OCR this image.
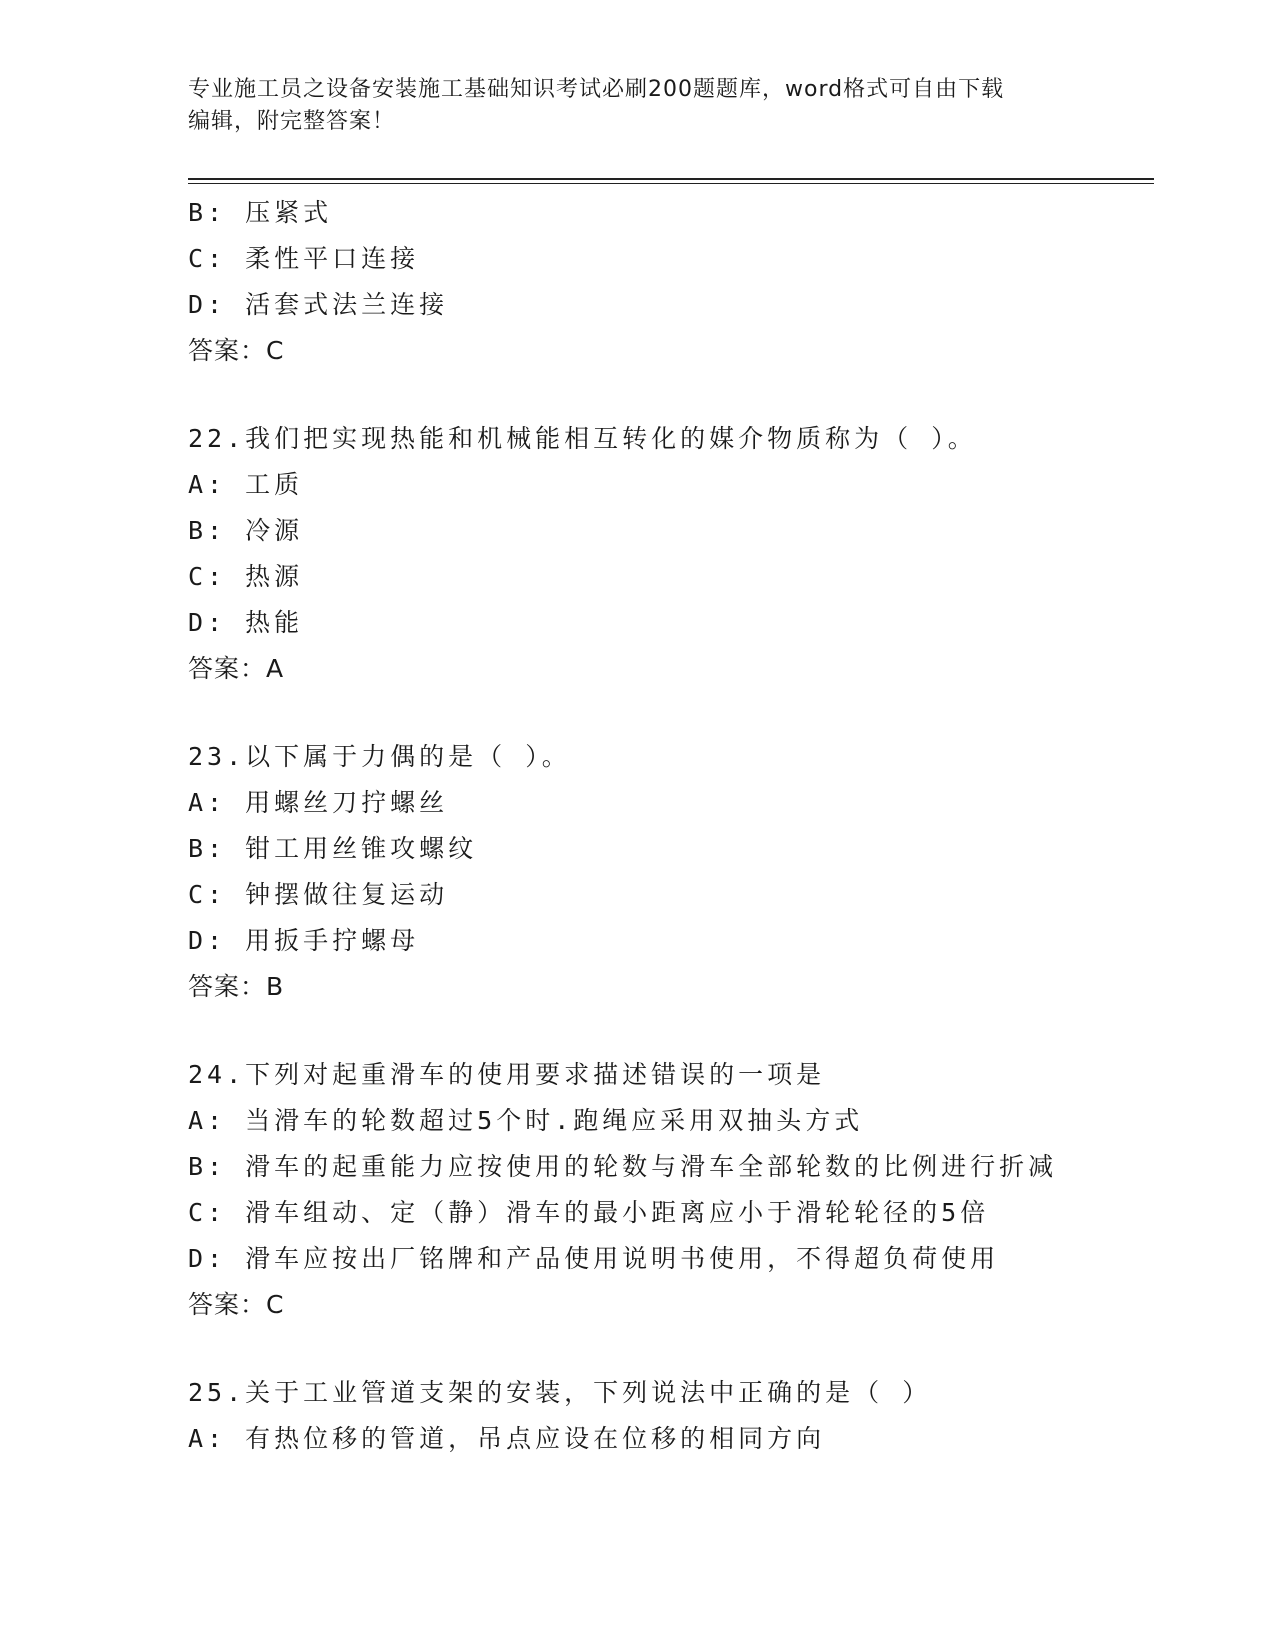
专业施工员之设备安装施工基础知识考试必刷200题题库，word格式可自由下载
编辑，附完整答案！
B: 压紧式
C: 柔性平口连接
D: 活套式法兰连接
答案：C
22.我们把实现热能和机械能相互转化的媒介物质称为（ ）。
A: 工质
B: 冷源
C: 热源
D: 热能
答案：A
23.以下属于力偶的是（ ）。
A: 用螺丝刀拧螺丝
B: 钳工用丝锥攻螺纹
C: 钟摆做往复运动
D: 用扳手拧螺母
答案：B
24.下列对起重滑车的使用要求描述错误的一项是
A: 当滑车的轮数超过5个时.跑绳应采用双抽头方式
B: 滑车的起重能力应按使用的轮数与滑车全部轮数的比例进行折减
C: 滑车组动、定（静）滑车的最小距离应小于滑轮轮径的5倍
D: 滑车应按出厂铭牌和产品使用说明书使用，不得超负荷使用
答案：C
25.关于工业管道支架的安装，下列说法中正确的是（ ）
A: 有热位移的管道，吊点应设在位移的相同方向
